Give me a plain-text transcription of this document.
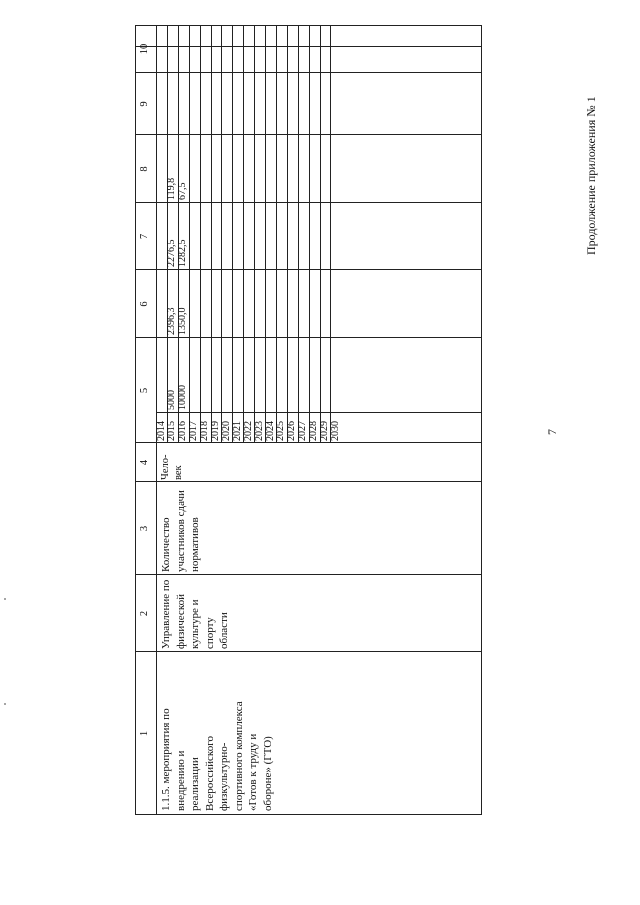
7
Продолжение приложения № 1
1
2
3
4
5
6
7
8
9
10
1.1.5. мероприятия по внедрению и реализации Всероссийского физкультурно-спортивного комплекса «Готов к труду и обороне» (ГТО)
Управление по физической культуре и спорту области
Количество участников сдачи нормативов
Чело-век
2014 2015
5000
2396,3
2276,5
119,8
2016
10000
1350,0
1282,5
67,5
2017 2018 2019 2020 2021 2022 2023 2024 2025 2026 2027 2028 2029 2030
